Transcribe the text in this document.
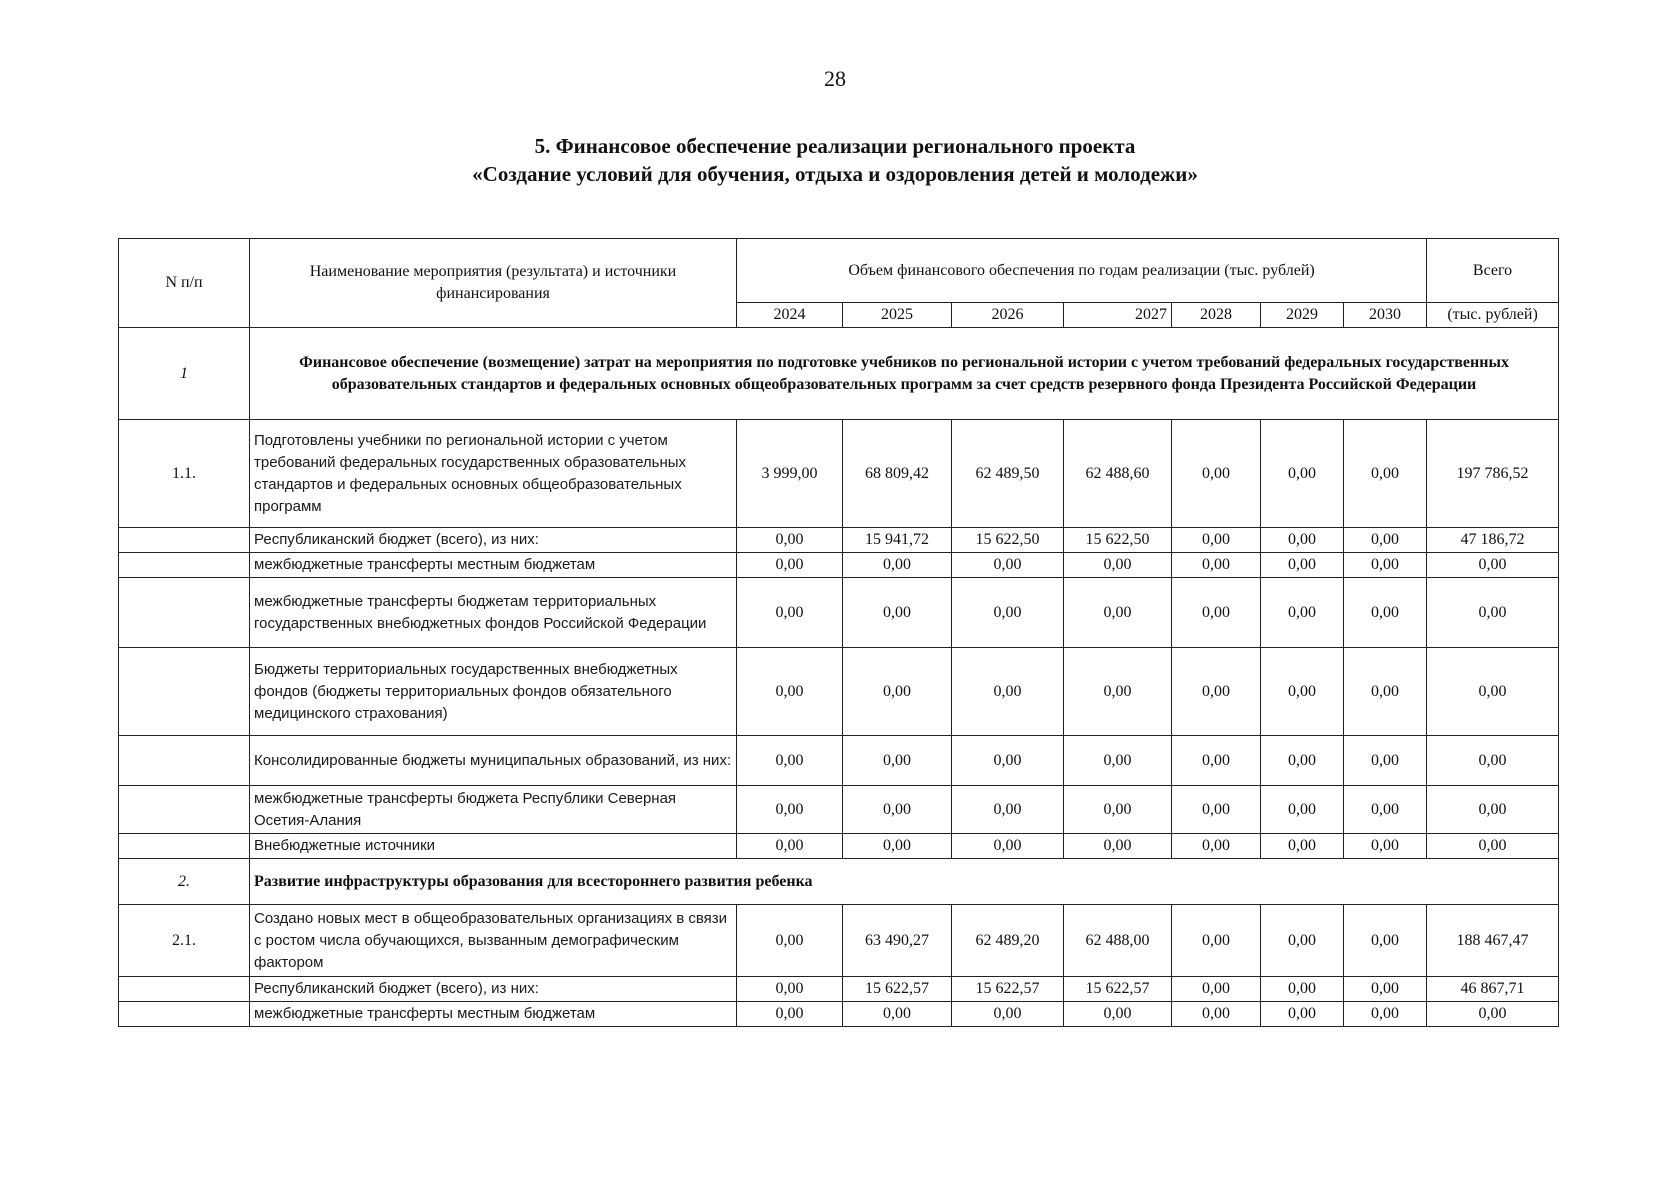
28
5. Финансовое обеспечение реализации регионального проекта
«Создание условий для обучения, отдыха и оздоровления детей и молодежи»
N п/п	Наименование мероприятия (результата) и источники финансирования	Объем финансового обеспечения по годам реализации (тыс. рублей)							Всего
		2024	2025	2026	2027	2028	2029	2030	(тыс. рублей)
1	Финансовое обеспечение (возмещение) затрат на мероприятия по подготовке учебников по региональной истории с учетом требований федеральных государственных образовательных стандартов и федеральных основных общеобразовательных программ за счет средств резервного фонда Президента Российской Федерации								
1.1.	Подготовлены учебники по региональной истории с учетом требований федеральных государственных образовательных стандартов и федеральных основных общеобразовательных программ	3 999,00	68 809,42	62 489,50	62 488,60	0,00	0,00	0,00	197 786,52
	Республиканский бюджет (всего), из них:	0,00	15 941,72	15 622,50	15 622,50	0,00	0,00	0,00	47 186,72
	межбюджетные трансферты местным бюджетам	0,00	0,00	0,00	0,00	0,00	0,00	0,00	0,00
	межбюджетные трансферты бюджетам территориальных государственных внебюджетных фондов Российской Федерации	0,00	0,00	0,00	0,00	0,00	0,00	0,00	0,00
	Бюджеты территориальных государственных внебюджетных фондов (бюджеты территориальных фондов обязательного медицинского страхования)	0,00	0,00	0,00	0,00	0,00	0,00	0,00	0,00
	Консолидированные бюджеты муниципальных образований, из них:	0,00	0,00	0,00	0,00	0,00	0,00	0,00	0,00
	межбюджетные трансферты бюджета Республики Северная Осетия-Алания	0,00	0,00	0,00	0,00	0,00	0,00	0,00	0,00
	Внебюджетные источники	0,00	0,00	0,00	0,00	0,00	0,00	0,00	0,00
2.	Развитие инфраструктуры образования для всестороннего развития ребенка								
2.1.	Создано новых мест в общеобразовательных организациях в связи с ростом числа обучающихся, вызванным демографическим фактором	0,00	63 490,27	62 489,20	62 488,00	0,00	0,00	0,00	188 467,47
	Республиканский бюджет (всего), из них:	0,00	15 622,57	15 622,57	15 622,57	0,00	0,00	0,00	46 867,71
	межбюджетные трансферты местным бюджетам	0,00	0,00	0,00	0,00	0,00	0,00	0,00	0,00
